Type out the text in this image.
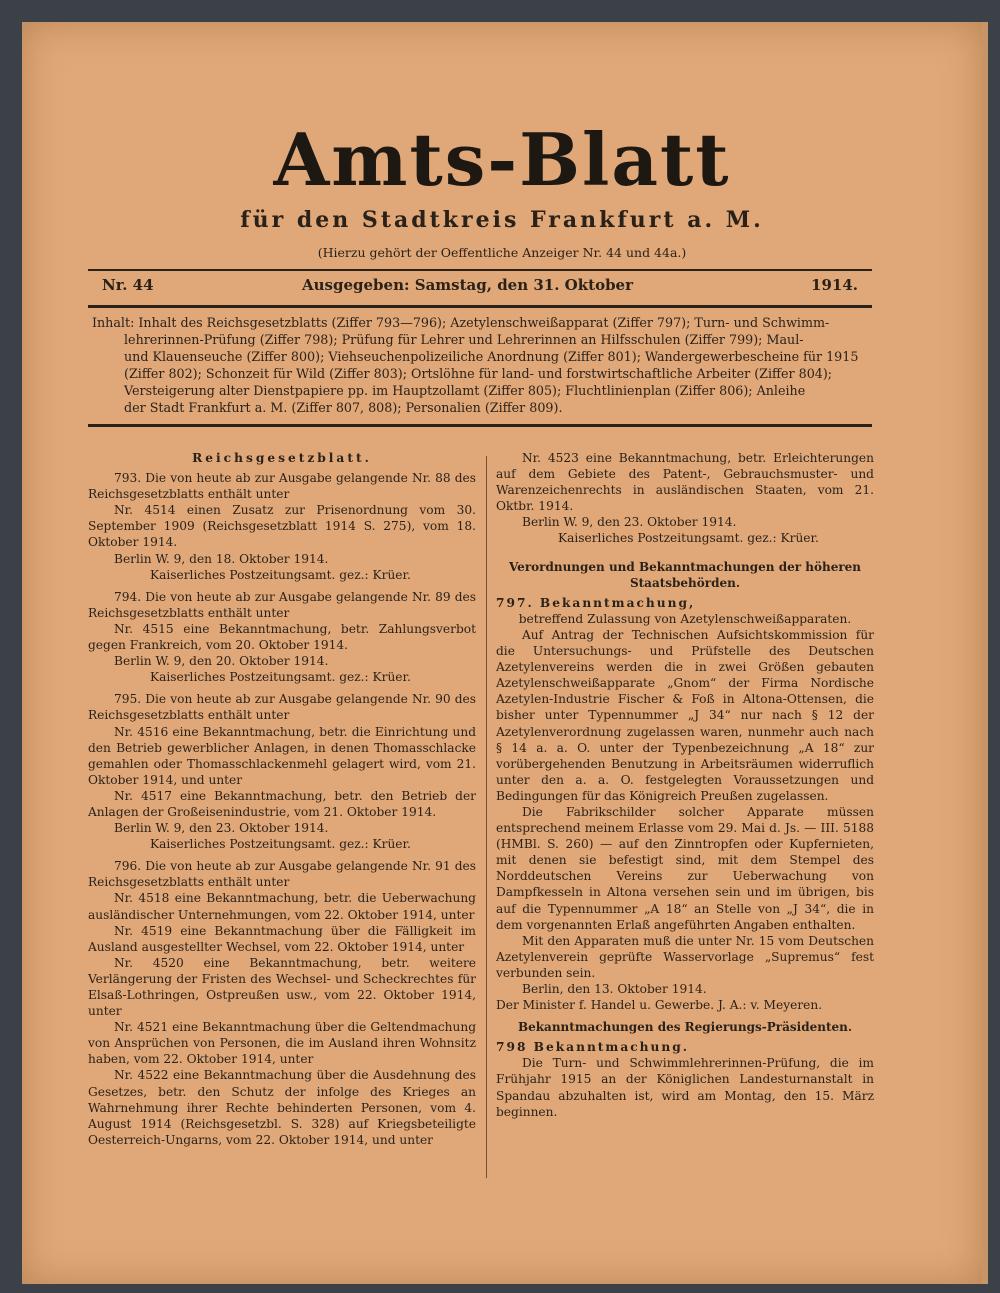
Amts-Blatt
für den Stadtkreis Frankfurt a. M.
(Hierzu gehört der Oeffentliche Anzeiger Nr. 44 und 44a.)
Nr. 44	Ausgegeben: Samstag, den 31. Oktober	1914.

Inhalt: Inhalt des Reichsgesetzblatts (Ziffer 793—796); Azetylenschweißapparat (Ziffer 797); Turn- und Schwimm-

lehrerinnen-Prüfung (Ziffer 798); Prüfung für Lehrer und Lehrerinnen an Hilfsschulen (Ziffer 799); Maul-

und Klauenseuche (Ziffer 800); Viehseuchenpolizeiliche Anordnung (Ziffer 801); Wandergewerbescheine für 1915

(Ziffer 802); Schonzeit für Wild (Ziffer 803); Ortslöhne für land- und forstwirtschaftliche Arbeiter (Ziffer 804);

Versteigerung alter Dienstpapiere pp. im Hauptzollamt (Ziffer 805); Fluchtlinienplan (Ziffer 806); Anleihe

der Stadt Frankfurt a. M. (Ziffer 807, 808); Personalien (Ziffer 809).

Reichsgesetzblatt.

793. Die von heute ab zur Ausgabe gelangende Nr. 88 des Reichsgesetzblatts enthält unter

Nr. 4514 einen Zusatz zur Prisenordnung vom 30. September 1909 (Reichsgesetzblatt 1914 S. 275), vom 18. Oktober 1914.

Berlin W. 9, den 18. Oktober 1914.

Kaiserliches Postzeitungsamt. gez.: Krüer.

794. Die von heute ab zur Ausgabe gelangende Nr. 89 des Reichsgesetzblatts enthält unter

Nr. 4515 eine Bekanntmachung, betr. Zahlungsverbot gegen Frankreich, vom 20. Oktober 1914.

Berlin W. 9, den 20. Oktober 1914.

Kaiserliches Postzeitungsamt. gez.: Krüer.

795. Die von heute ab zur Ausgabe gelangende Nr. 90 des Reichsgesetzblatts enthält unter

Nr. 4516 eine Bekanntmachung, betr. die Einrichtung und den Betrieb gewerblicher Anlagen, in denen Thomasschlacke gemahlen oder Thomasschlackenmehl gelagert wird, vom 21. Oktober 1914, und unter

Nr. 4517 eine Bekanntmachung, betr. den Betrieb der Anlagen der Großeisenindustrie, vom 21. Oktober 1914.

Berlin W. 9, den 23. Oktober 1914.

Kaiserliches Postzeitungsamt. gez.: Krüer.

796. Die von heute ab zur Ausgabe gelangende Nr. 91 des Reichsgesetzblatts enthält unter

Nr. 4518 eine Bekanntmachung, betr. die Ueberwachung ausländischer Unternehmungen, vom 22. Oktober 1914, unter

Nr. 4519 eine Bekanntmachung über die Fälligkeit im Ausland ausgestellter Wechsel, vom 22. Oktober 1914, unter

Nr. 4520 eine Bekanntmachung, betr. weitere Verlängerung der Fristen des Wechsel- und Scheckrechtes für Elsaß-Lothringen, Ostpreußen usw., vom 22. Oktober 1914, unter

Nr. 4521 eine Bekanntmachung über die Geltendmachung von Ansprüchen von Personen, die im Ausland ihren Wohnsitz haben, vom 22. Oktober 1914, unter

Nr. 4522 eine Bekanntmachung über die Ausdehnung des Gesetzes, betr. den Schutz der infolge des Krieges an Wahrnehmung ihrer Rechte behinderten Personen, vom 4. August 1914 (Reichsgesetzbl. S. 328) auf Kriegsbeteiligte Oesterreich-Ungarns, vom 22. Oktober 1914, und unter

Nr. 4523 eine Bekanntmachung, betr. Erleichterungen auf dem Gebiete des Patent-, Gebrauchsmuster- und Warenzeichenrechts in ausländischen Staaten, vom 21. Oktbr. 1914.

Berlin W. 9, den 23. Oktober 1914.

Kaiserliches Postzeitungsamt. gez.: Krüer.

Verordnungen und Bekanntmachungen der höheren Staatsbehörden.

797. Bekanntmachung,

betreffend Zulassung von Azetylenschweißapparaten.

Auf Antrag der Technischen Aufsichtskommission für die Untersuchungs- und Prüfstelle des Deutschen Azetylenvereins werden die in zwei Größen gebauten Azetylenschweißapparate „Gnom“ der Firma Nordische Azetylen-Industrie Fischer & Foß in Altona-Ottensen, die bisher unter Typennummer „J 34“ nur nach § 12 der Azetylenverordnung zugelassen waren, nunmehr auch nach § 14 a. a. O. unter der Typenbezeichnung „A 18“ zur vorübergehenden Benutzung in Arbeitsräumen widerruflich unter den a. a. O. festgelegten Voraussetzungen und Bedingungen für das Königreich Preußen zugelassen.

Die Fabrikschilder solcher Apparate müssen entsprechend meinem Erlasse vom 29. Mai d. Js. — III. 5188 (HMBl. S. 260) — auf den Zinntropfen oder Kupfernieten, mit denen sie befestigt sind, mit dem Stempel des Norddeutschen Vereins zur Ueberwachung von Dampfkesseln in Altona versehen sein und im übrigen, bis auf die Typennummer „A 18“ an Stelle von „J 34“, die in dem vorgenannten Erlaß angeführten Angaben enthalten.

Mit den Apparaten muß die unter Nr. 15 vom Deutschen Azetylenverein geprüfte Wasservorlage „Supremus“ fest verbunden sein.

Berlin, den 13. Oktober 1914.

Der Minister f. Handel u. Gewerbe. J. A.: v. Meyeren.

Bekanntmachungen des Regierungs-Präsidenten.

798 Bekanntmachung.

Die Turn- und Schwimmlehrerinnen-Prüfung, die im Frühjahr 1915 an der Königlichen Landesturnanstalt in Spandau abzuhalten ist, wird am Montag, den 15. März beginnen.
